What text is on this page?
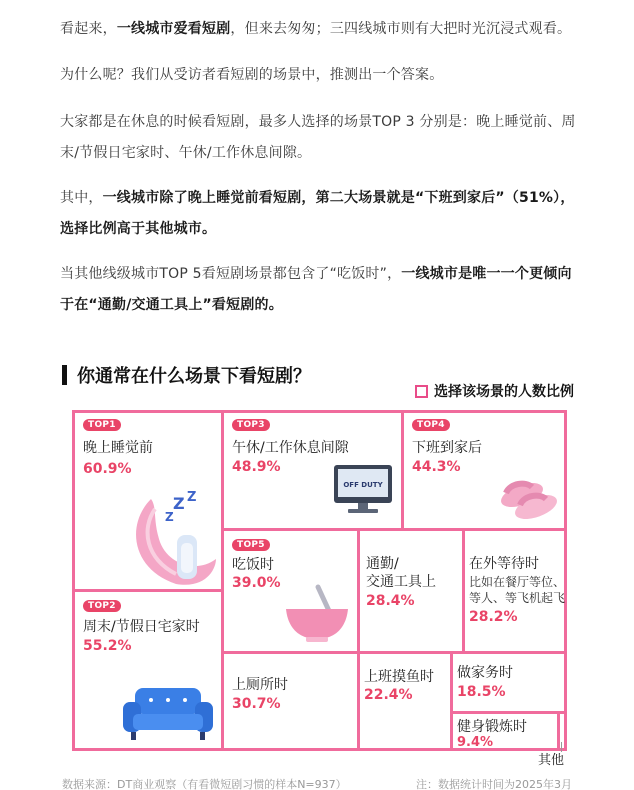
看起来，一线城市爱看短剧，但来去匆匆；三四线城市则有大把时光沉浸式观看。

为什么呢？我们从受访者看短剧的场景中，推测出一个答案。

大家都是在休息的时候看短剧，最多人选择的场景TOP 3 分别是：晚上睡觉前、周末/节假日宅家时、午休/工作休息间隙。

其中，一线城市除了晚上睡觉前看短剧，第二大场景就是“下班到家后”（51%），选择比例高于其他城市。

当其他线级城市TOP 5看短剧场景都包含了“吃饭时”，一线城市是唯一一个更倾向于在“通勤/交通工具上”看短剧的。

你通常在什么场景下看短剧？
选择该场景的人数比例
TOP1
晚上睡觉前
60.9%
Z Z
Z
TOP2
周末/节假日宅家时
55.2%
TOP3
午休/工作休息间隙
48.9%
OFF DUTY
TOP4
下班到家后
44.3%
TOP5
吃饭时
39.0%
通勤/
交通工具上
28.4%
在外等待时
比如在餐厅等位、
等人、等飞机起飞
28.2%
上厕所时
30.7%
上班摸鱼时
22.4%
做家务时
18.5%
健身锻炼时
9.4%
其他
数据来源：DT商业观察（有看微短剧习惯的样本N=937）	注：数据统计时间为2025年3月
